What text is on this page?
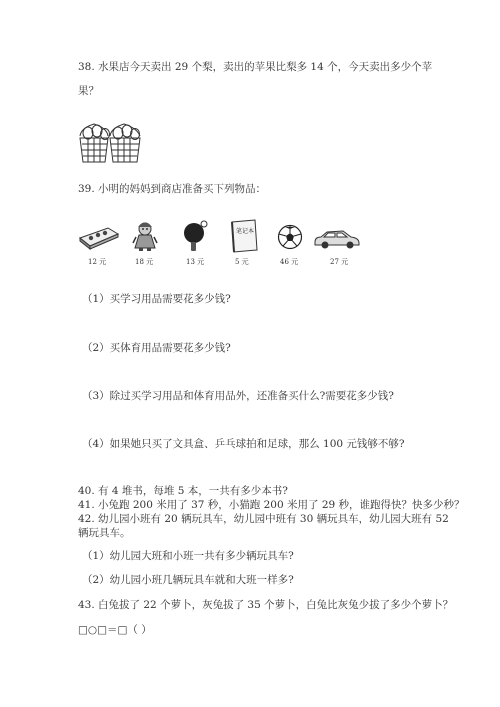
38. 水果店今天卖出 29 个梨，卖出的苹果比梨多 14 个，今天卖出多少个苹
果？
39. 小明的妈妈到商店准备买下列物品：
笔记本
12 元	18 元	13 元	5 元	46 元	27 元
（1）买学习用品需要花多少钱?
（2）买体育用品需要花多少钱?
（3）除过买学习用品和体育用品外，还准备买什么?需要花多少钱?
（4）如果她只买了文具盒、乒乓球拍和足球，那么 100 元钱够不够?
40. 有 4 堆书，每堆 5 本，一共有多少本书?
41. 小兔跑 200 米用了 37 秒，小猫跑 200 米用了 29 秒，谁跑得快？快多少秒？
42. 幼儿园小班有 20 辆玩具车，幼儿园中班有 30 辆玩具车，幼儿园大班有 52
辆玩具车。
（1）幼儿园大班和小班一共有多少辆玩具车?
（2）幼儿园小班几辆玩具车就和大班一样多?
43. 白兔拔了 22 个萝卜，灰兔拔了 35 个萝卜，白兔比灰兔少拔了多少个萝卜？
□○□＝□（ ）
